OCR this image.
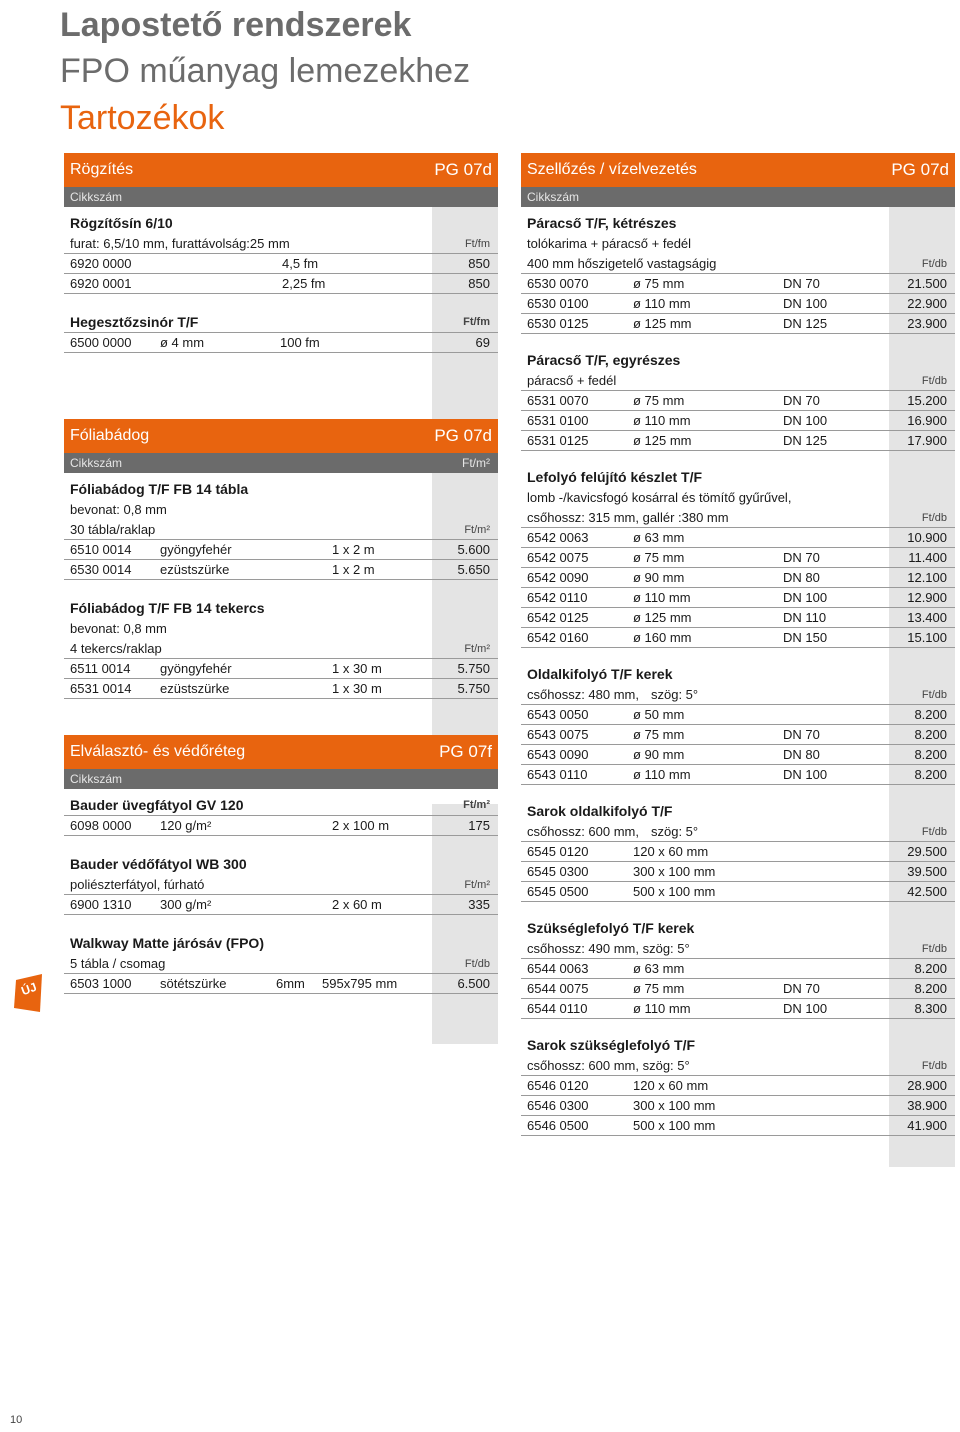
Lapostető rendszerek
FPO műanyag lemezekhez
Tartozékok
Rögzítés	PG 07d
Cikkszám
Rögzítősín 6/10
furat: 6,5/10 mm, furattávolság:25 mm	Ft/fm
6920 0000	4,5 fm	850
6920 0001	2,25 fm	850
Hegesztőzsinór T/F	Ft/fm
6500 0000 ø 4 mm	100 fm	69
Fóliabádog	PG 07d
Cikkszám	Ft/m²
Fóliabádog T/F FB 14 tábla
bevonat: 0,8 mm
30 tábla/raklap	Ft/m²
6510 0014 gyöngyfehér	1 x 2 m	5.600
6530 0014 ezüstszürke	1 x 2 m	5.650
Fóliabádog T/F FB 14 tekercs
bevonat: 0,8 mm
4 tekercs/raklap	Ft/m²
6511 0014 gyöngyfehér	1 x 30 m	5.750
6531 0014 ezüstszürke	1 x 30 m	5.750
Elválasztó- és védőréteg	PG 07f
Cikkszám
Bauder üvegfátyol GV 120	Ft/m²
6098 0000 120 g/m²	2 x 100 m	175
Bauder védőfátyol WB 300
poliészterfátyol, fúrható	Ft/m²
6900 1310 300 g/m²	2 x 60 m	335
Walkway Matte járósáv (FPO)
5 tábla / csomag	Ft/db
6503 1000 sötétszürke	6mm 595x795 mm	6.500
Szellőzés / vízelvezetés	PG 07d
Cikkszám
Páracső T/F, kétrészes
tolókarima + páracső + fedél
400 mm hőszigetelő vastagságig	Ft/db
6530 0070	ø 75 mm	DN 70	21.500
6530 0100	ø 110 mm	DN 100	22.900
6530 0125	ø 125 mm	DN 125	23.900
Páracső T/F, egyrészes
páracső + fedél	Ft/db
6531 0070	ø 75 mm	DN 70	15.200
6531 0100	ø 110 mm	DN 100	16.900
6531 0125	ø 125 mm	DN 125	17.900
Lefolyó felújító készlet T/F
lomb -/kavicsfogó kosárral és tömítő gyűrűvel,
csőhossz: 315 mm, gallér :380 mm	Ft/db
6542 0063	ø 63 mm	10.900
6542 0075	ø 75 mm	DN 70	11.400
6542 0090	ø 90 mm	DN 80	12.100
6542 0110	ø 110 mm	DN 100	12.900
6542 0125	ø 125 mm	DN 110	13.400
6542 0160	ø 160 mm	DN 150	15.100
Oldalkifolyó T/F kerek
csőhossz: 480 mm, szög: 5°	Ft/db
6543 0050	ø 50 mm	8.200
6543 0075	ø 75 mm	DN 70	8.200
6543 0090	ø 90 mm	DN 80	8.200
6543 0110	ø 110 mm	DN 100	8.200
Sarok oldalkifolyó T/F
csőhossz: 600 mm, szög: 5°	Ft/db
6545 0120	120 x 60 mm	29.500
6545 0300	300 x 100 mm	39.500
6545 0500	500 x 100 mm	42.500
Szükséglefolyó T/F kerek
csőhossz: 490 mm, szög: 5°	Ft/db
6544 0063	ø 63 mm	8.200
6544 0075	ø 75 mm	DN 70	8.200
6544 0110	ø 110 mm	DN 100	8.300
Sarok szükséglefolyó T/F
csőhossz: 600 mm, szög: 5°	Ft/db
6546 0120	120 x 60 mm	28.900
6546 0300	300 x 100 mm	38.900
6546 0500	500 x 100 mm	41.900
ÚJ
10
